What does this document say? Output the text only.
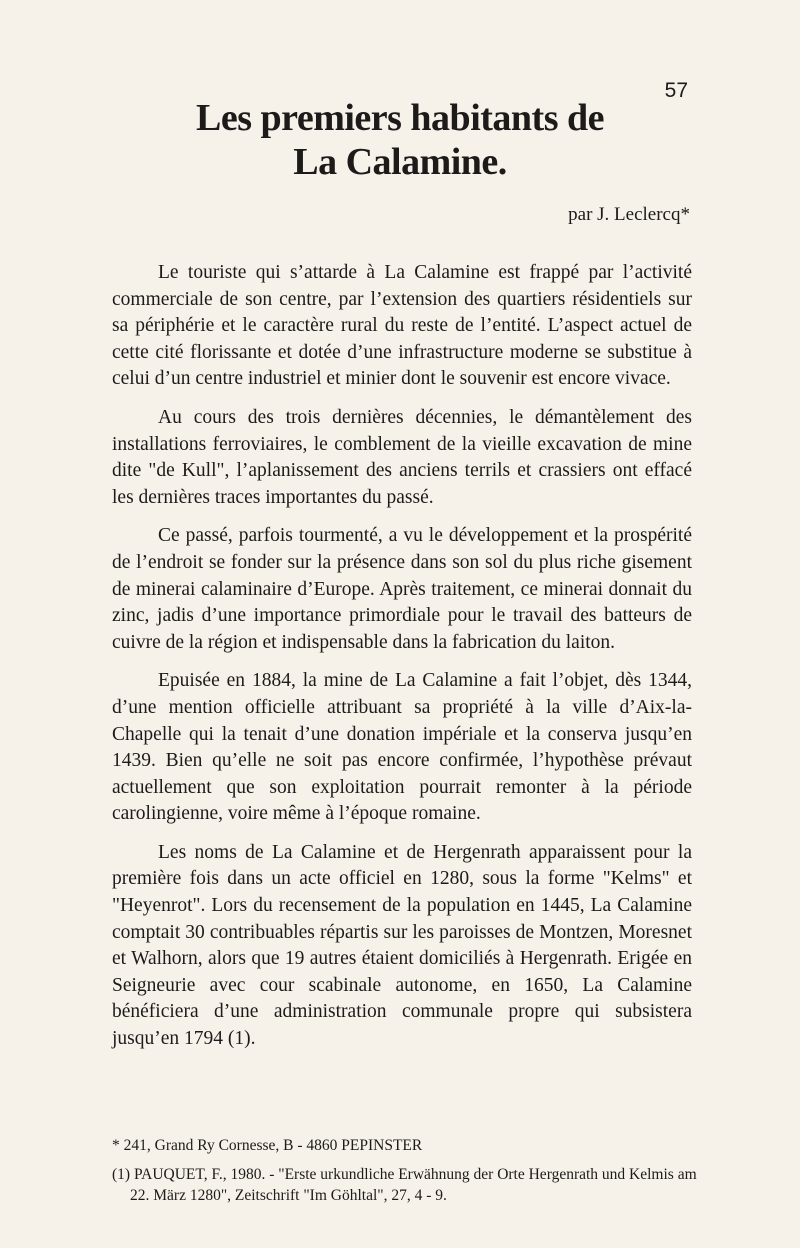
57
Les premiers habitants de
La Calamine.
par J. Leclercq*

Le touriste qui s’attarde à La Calamine est frappé par l’activité commerciale de son centre, par l’extension des quartiers résidentiels sur sa périphérie et le caractère rural du reste de l’entité. L’aspect actuel de cette cité florissante et dotée d’une infrastructure moderne se substitue à celui d’un centre industriel et minier dont le souvenir est encore vivace.

Au cours des trois dernières décennies, le démantèlement des installations ferroviaires, le comblement de la vieille excavation de mine dite "de Kull", l’aplanissement des anciens terrils et crassiers ont effacé les dernières traces importantes du passé.

Ce passé, parfois tourmenté, a vu le développement et la prospérité de l’endroit se fonder sur la présence dans son sol du plus riche gisement de minerai calaminaire d’Europe. Après traitement, ce minerai donnait du zinc, jadis d’une importance primordiale pour le travail des batteurs de cuivre de la région et indispensable dans la fabrication du laiton.

Epuisée en 1884, la mine de La Calamine a fait l’objet, dès 1344, d’une mention officielle attribuant sa propriété à la ville d’Aix-la-Chapelle qui la tenait d’une donation impériale et la conserva jusqu’en 1439. Bien qu’elle ne soit pas encore confirmée, l’hypothèse prévaut actuellement que son exploitation pourrait remonter à la période carolingienne, voire même à l’époque romaine.

Les noms de La Calamine et de Hergenrath apparaissent pour la première fois dans un acte officiel en 1280, sous la forme "Kelms" et "Heyenrot". Lors du recensement de la population en 1445, La Calamine comptait 30 contribuables répartis sur les paroisses de Montzen, Moresnet et Walhorn, alors que 19 autres étaient domiciliés à Hergenrath. Erigée en Seigneurie avec cour scabinale autonome, en 1650, La Calamine bénéficiera d’une administration communale propre qui subsistera jusqu’en 1794 (1).

* 241, Grand Ry Cornesse, B - 4860 PEPINSTER

(1) PAUQUET, F., 1980. - "Erste urkundliche Erwähnung der Orte Hergenrath und Kelmis am 22. März 1280", Zeitschrift "Im Göhltal", 27, 4 - 9.
